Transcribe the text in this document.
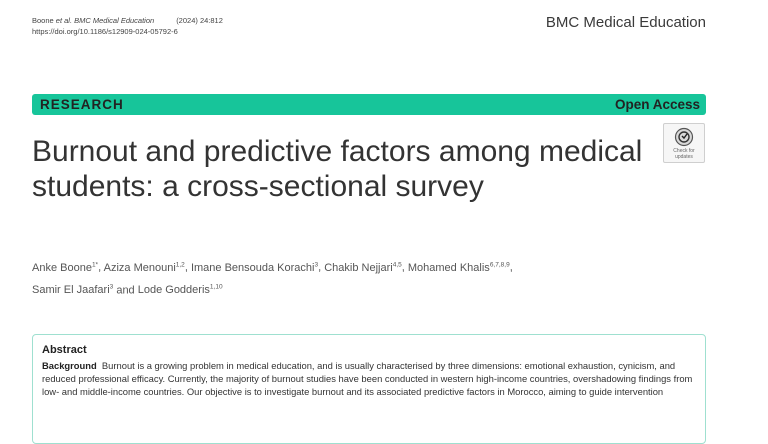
Boone et al. BMC Medical Education	(2024) 24:812
https://doi.org/10.1186/s12909-024-05792-6
BMC Medical Education
RESEARCH	Open Access
Burnout and predictive factors among medical students: a cross-sectional survey
Check for updates
Anke Boone$^{1*}$, Aziza Menouni$^{1,2}$, Imane Bensouda Korachi$^3$, Chakib Nejjari$^{4,5}$, Mohamed Khalis$^{6,7,8,9}$,
Samir El Jaafari$^3$ and Lode Godderis$^{1,10}$
Abstract

Background Burnout is a growing problem in medical education, and is usually characterised by three dimensions: emotional exhaustion, cynicism, and reduced professional efficacy. Currently, the majority of burnout studies have been conducted in western high-income countries, overshadowing findings from low- and middle-income countries. Our objective is to investigate burnout and its associated predictive factors in Morocco, aiming to guide intervention
